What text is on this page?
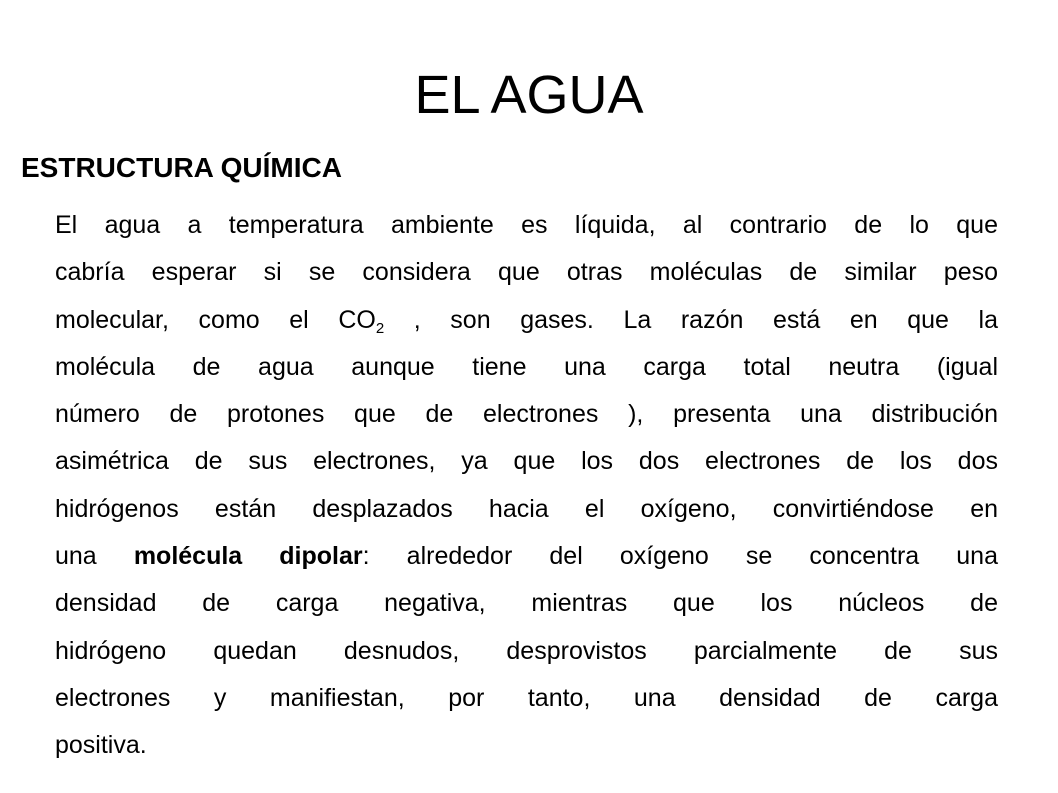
EL AGUA
ESTRUCTURA QUÍMICA
El agua a temperatura ambiente es líquida, al contrario de lo que
cabría esperar si se considera que otras moléculas de similar peso
molecular, como el $CO_2$ , son gases. La razón está en que la
molécula de agua aunque tiene una carga total neutra (igual
número de protones que de electrones ), presenta una distribución
asimétrica de sus electrones, ya que los dos electrones de los dos
hidrógenos están desplazados hacia el oxígeno, convirtiéndose en
una molécula dipolar: alrededor del oxígeno se concentra una
densidad de carga negativa, mientras que los núcleos de
hidrógeno quedan desnudos, desprovistos parcialmente de sus
electrones y manifiestan, por tanto, una densidad de carga
positiva.
